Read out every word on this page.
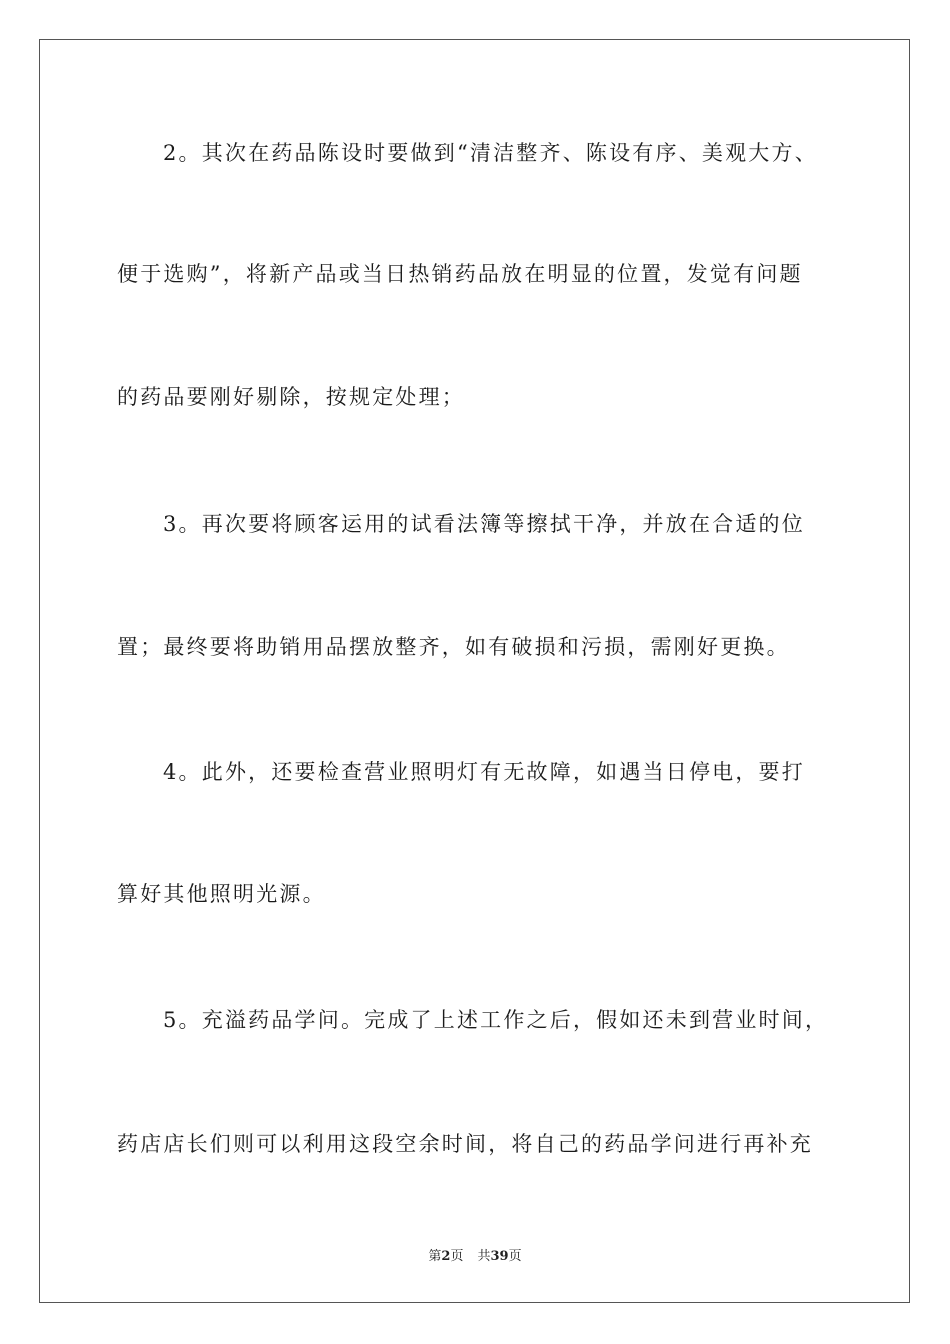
2。其次在药品陈设时要做到“清洁整齐、陈设有序、美观大方、
便于选购”，将新产品或当日热销药品放在明显的位置，发觉有问题
的药品要刚好剔除，按规定处理；
3。再次要将顾客运用的试看法簿等擦拭干净，并放在合适的位
置；最终要将助销用品摆放整齐，如有破损和污损，需刚好更换。
4。此外，还要检查营业照明灯有无故障，如遇当日停电，要打
算好其他照明光源。
5。充溢药品学问。完成了上述工作之后，假如还未到营业时间，
药店店长们则可以利用这段空余时间，将自己的药品学问进行再补充
第2页 共39页
